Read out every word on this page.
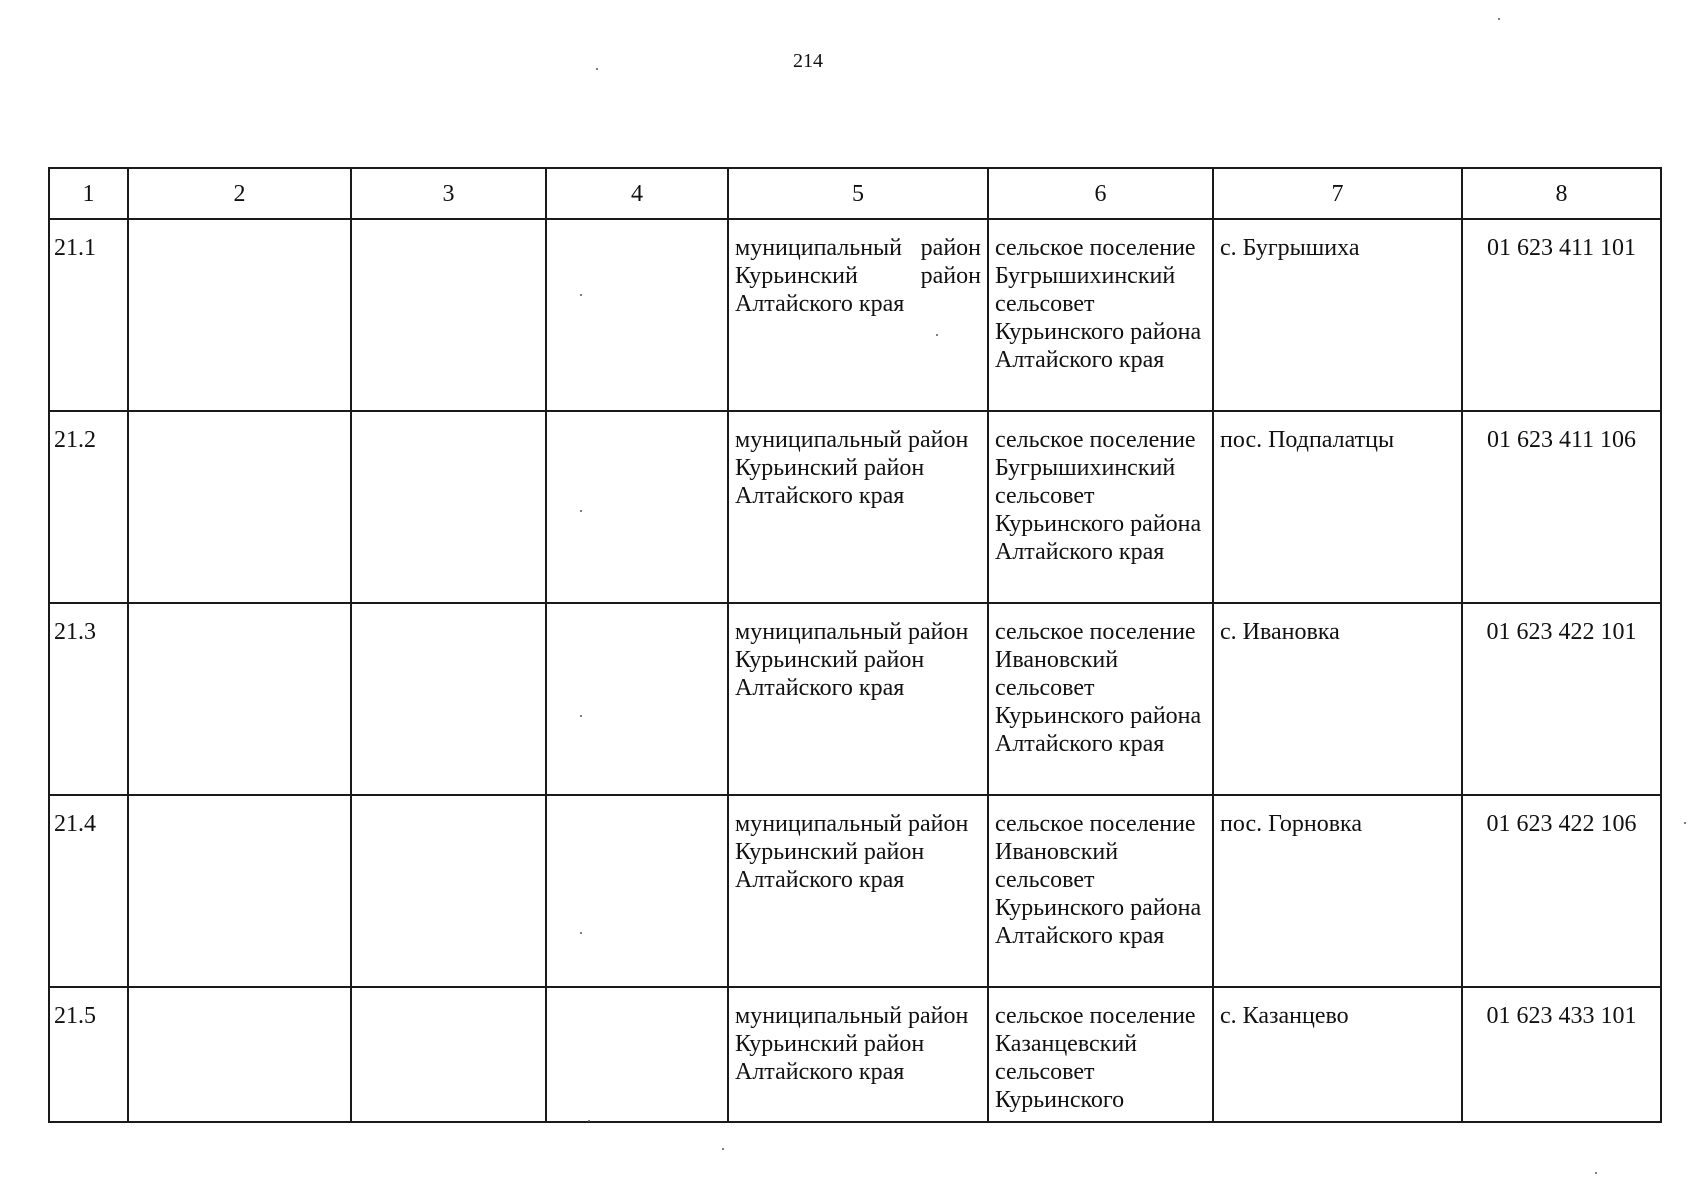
214
1	2	3	4	5	6	7	8

21.1				муниципальный район Курьинский район Алтайского края	сельское поселение Бугрышихинский сельсовет Курьинского района Алтайского края	с. Бугрышиха	01 623 411 101

21.2				муниципальный район Курьинский район Алтайского края	сельское поселение Бугрышихинский сельсовет Курьинского района Алтайского края	пос. Подпалатцы	01 623 411 106

21.3				муниципальный район Курьинский район Алтайского края	сельское поселение Ивановский сельсовет Курьинского района Алтайского края	с. Ивановка	01 623 422 101

21.4				муниципальный район Курьинский район Алтайского края	сельское поселение Ивановский сельсовет Курьинского района Алтайского края	пос. Горновка	01 623 422 106

21.5				муниципальный район Курьинский район Алтайского края	сельское поселение Казанцевский сельсовет Курьинского	с. Казанцево	01 623 433 101
